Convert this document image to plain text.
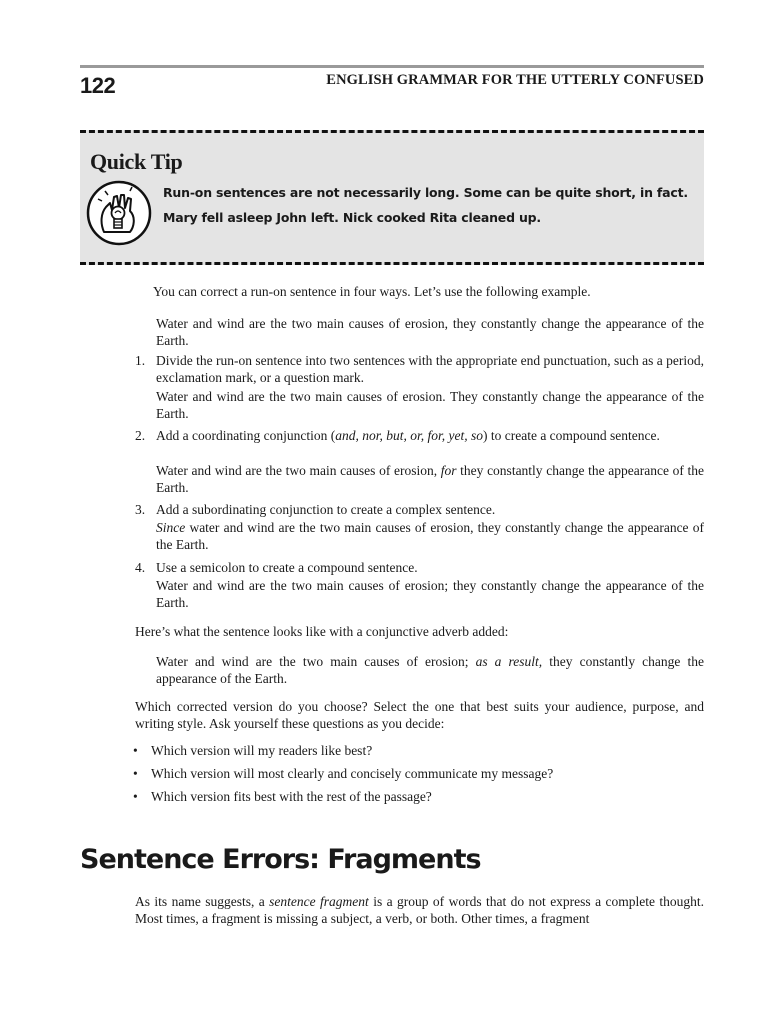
122	ENGLISH GRAMMAR FOR THE UTTERLY CONFUSED
Quick Tip
Run-on sentences are not necessarily long. Some can be quite short, in fact.
Mary fell asleep John left. Nick cooked Rita cleaned up.

You can correct a run-on sentence in four ways. Let’s use the following example.

Water and wind are the two main causes of erosion, they constantly change the appearance of the Earth.

1. Divide the run-on sentence into two sentences with the appropriate end punctuation, such as a period, exclamation mark, or a question mark.

Water and wind are the two main causes of erosion. They constantly change the appearance of the Earth.

2. Add a coordinating conjunction (and, nor, but, or, for, yet, so) to create a compound sentence.

Water and wind are the two main causes of erosion, for they constantly change the appearance of the Earth.

3. Add a subordinating conjunction to create a complex sentence.

Since water and wind are the two main causes of erosion, they constantly change the appearance of the Earth.

4. Use a semicolon to create a compound sentence.

Water and wind are the two main causes of erosion; they constantly change the appearance of the Earth.

Here’s what the sentence looks like with a conjunctive adverb added:

Water and wind are the two main causes of erosion; as a result, they constantly change the appearance of the Earth.

Which corrected version do you choose? Select the one that best suits your audience, purpose, and writing style. Ask yourself these questions as you decide:

• Which version will my readers like best?
• Which version will most clearly and concisely communicate my message?
• Which version fits best with the rest of the passage?
Sentence Errors: Fragments

As its name suggests, a sentence fragment is a group of words that do not express a complete thought. Most times, a fragment is missing a subject, a verb, or both. Other times, a fragment
